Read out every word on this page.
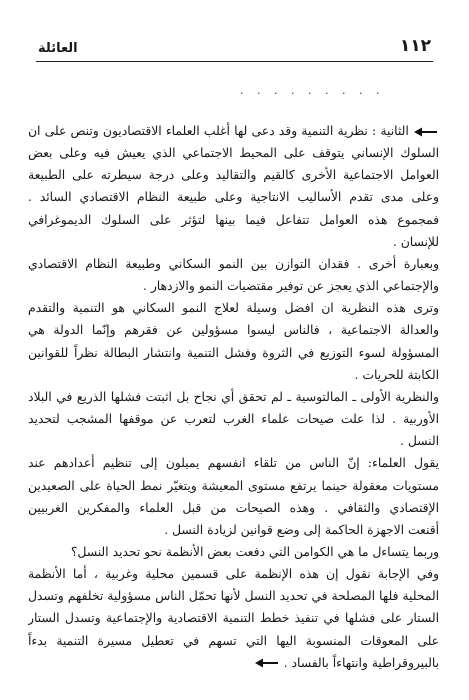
١١٢
العائلة
. . . . . . . . .
الثانية : نظرية التنمية وقد دعى لها أغلب العلماء الاقتصاديون وتنص على ان
السلوك الإنساني يتوقف على المحيط الاجتماعي الذي يعيش فيه وعلى بعض
العوامل الاجتماعية الأخرى كالقيم والتقاليد وعلى درجة سيطرته على الطبيعة
وعلى مدى تقدم الأساليب الانتاجية وعلى طبيعة النظام الاقتصادي السائد .
فمجموع هذه العوامل تتفاعل فيما بينها لتؤثر على السلوك الديموغرافي
للإنسان .
وبعبارة أخرى . فقدان التوازن بين النمو السكاني وطبيعة النظام الاقتصادي
والإجتماعي الذي يعجز عن توفير مقتضيات النمو والازدهار .
وترى هذه النظرية ان افضل وسيلة لعلاج النمو السكاني هو التنمية والتقدم
والعدالة الاجتماعية ، فالناس ليسوا مسؤولين عن فقرهم وإنّما الدولة هي
المسؤولة لسوء التوزيع في الثروة وفشل التنمية وانتشار البطالة نظراً للقوانين
الكابتة للحريات .
والنظرية الأولى ـ المالتوسية ـ لم تحقق أي نجاح بل اثبتت فشلها الذريع في البلاد
الأوربية . لذا علت صيحات علماء الغرب لتعرب عن موقفها المشجب لتحديد
النسل .
يقول العلماء: إنّ الناس من تلقاء انفسهم يميلون إلى تنظيم أعدادهم عند
مستويات معقولة حينما يرتفع مستوى المعيشة ويتغيّر نمط الحياة على الصعيدين
الإقتصادي والثقافي . وهذه الصيحات من قبل العلماء والمفكرين الغربيين
أقنعت الاجهزة الحاكمة إلى وضع قوانين لزيادة النسل .
وربما يتساءل ما هي الكوامن التي دفعت بعض الأنظمة نحو تحديد النسل؟
وفي الإجابة نقول إن هذه الإنظمة على قسمين محلية وغربية ، أما الأنظمة
المحلية فلها المصلحة في تحديد النسل لأنها تحمّل الناس مسؤولية تخلفهم وتسدل
الستار على فشلها في تنفيذ خطط التنمية الاقتصادية والإجتماعية وتسدل الستار
على المعوقات المنسوبة اليها التي تسهم في تعطيل مسيرة التنمية بدءاً
بالبيروقراطية وانتهاءاً بالفساد .
